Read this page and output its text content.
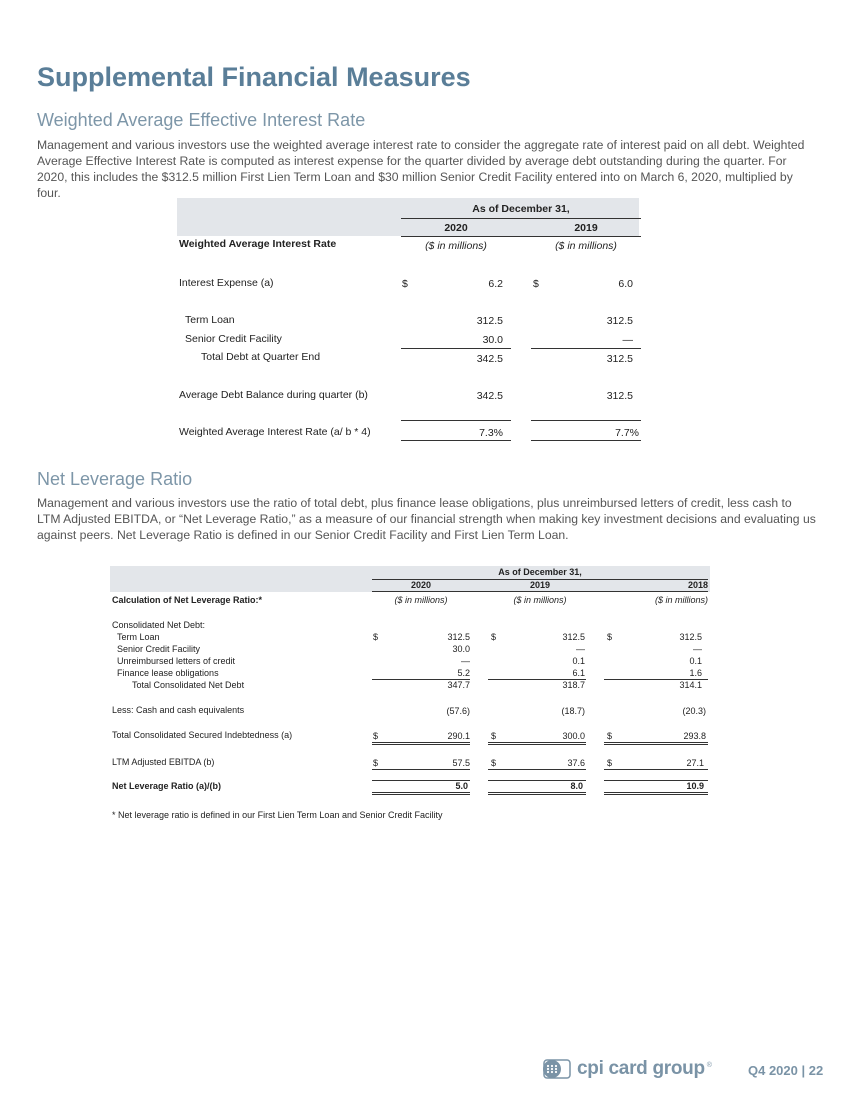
Supplemental Financial Measures
Weighted Average Effective Interest Rate
Management and various investors use the weighted average interest rate to consider the aggregate rate of interest paid on all debt. Weighted Average Effective Interest Rate is computed as interest expense for the quarter divided by average debt outstanding during the quarter. For 2020, this includes the $312.5 million First Lien Term Loan and $30 million Senior Credit Facility entered into on March 6, 2020, multiplied by four.
As of December 31,
2020	2019
Weighted Average Interest Rate	($ in millions)	($ in millions)
Interest Expense (a)	$	6.2	$	6.0
Term Loan	312.5	312.5
Senior Credit Facility	30.0	—
Total Debt at Quarter End	342.5	312.5
Average Debt Balance during quarter (b)	342.5	312.5
Weighted Average Interest Rate (a/ b * 4)	7.3%	7.7%
Net Leverage Ratio
Management and various investors use the ratio of total debt, plus finance lease obligations, plus unreimbursed letters of credit, less cash to LTM Adjusted EBITDA, or “Net Leverage Ratio,” as a measure of our financial strength when making key investment decisions and evaluating us against peers. Net Leverage Ratio is defined in our Senior Credit Facility and First Lien Term Loan.
As of December 31,
2020	2019	2018
Calculation of Net Leverage Ratio:*	($ in millions)	($ in millions)	($ in millions)
Consolidated Net Debt:
Term Loan	$	312.5 $	312.5 $	312.5
Senior Credit Facility	30.0	—	—
Unreimbursed letters of credit	—	0.1	0.1
Finance lease obligations	5.2	6.1	1.6
Total Consolidated Net Debt	347.7	318.7	314.1
Less: Cash and cash equivalents	(57.6)	(18.7)	(20.3)
Total Consolidated Secured Indebtedness (a)	$	290.1 $	300.0 $	293.8
LTM Adjusted EBITDA (b)	$	57.5 $	37.6 $	27.1
Net Leverage Ratio (a)/(b)	5.0	8.0	10.9
* Net leverage ratio is defined in our First Lien Term Loan and Senior Credit Facility
cpi card group ®	Q4 2020 | 22
